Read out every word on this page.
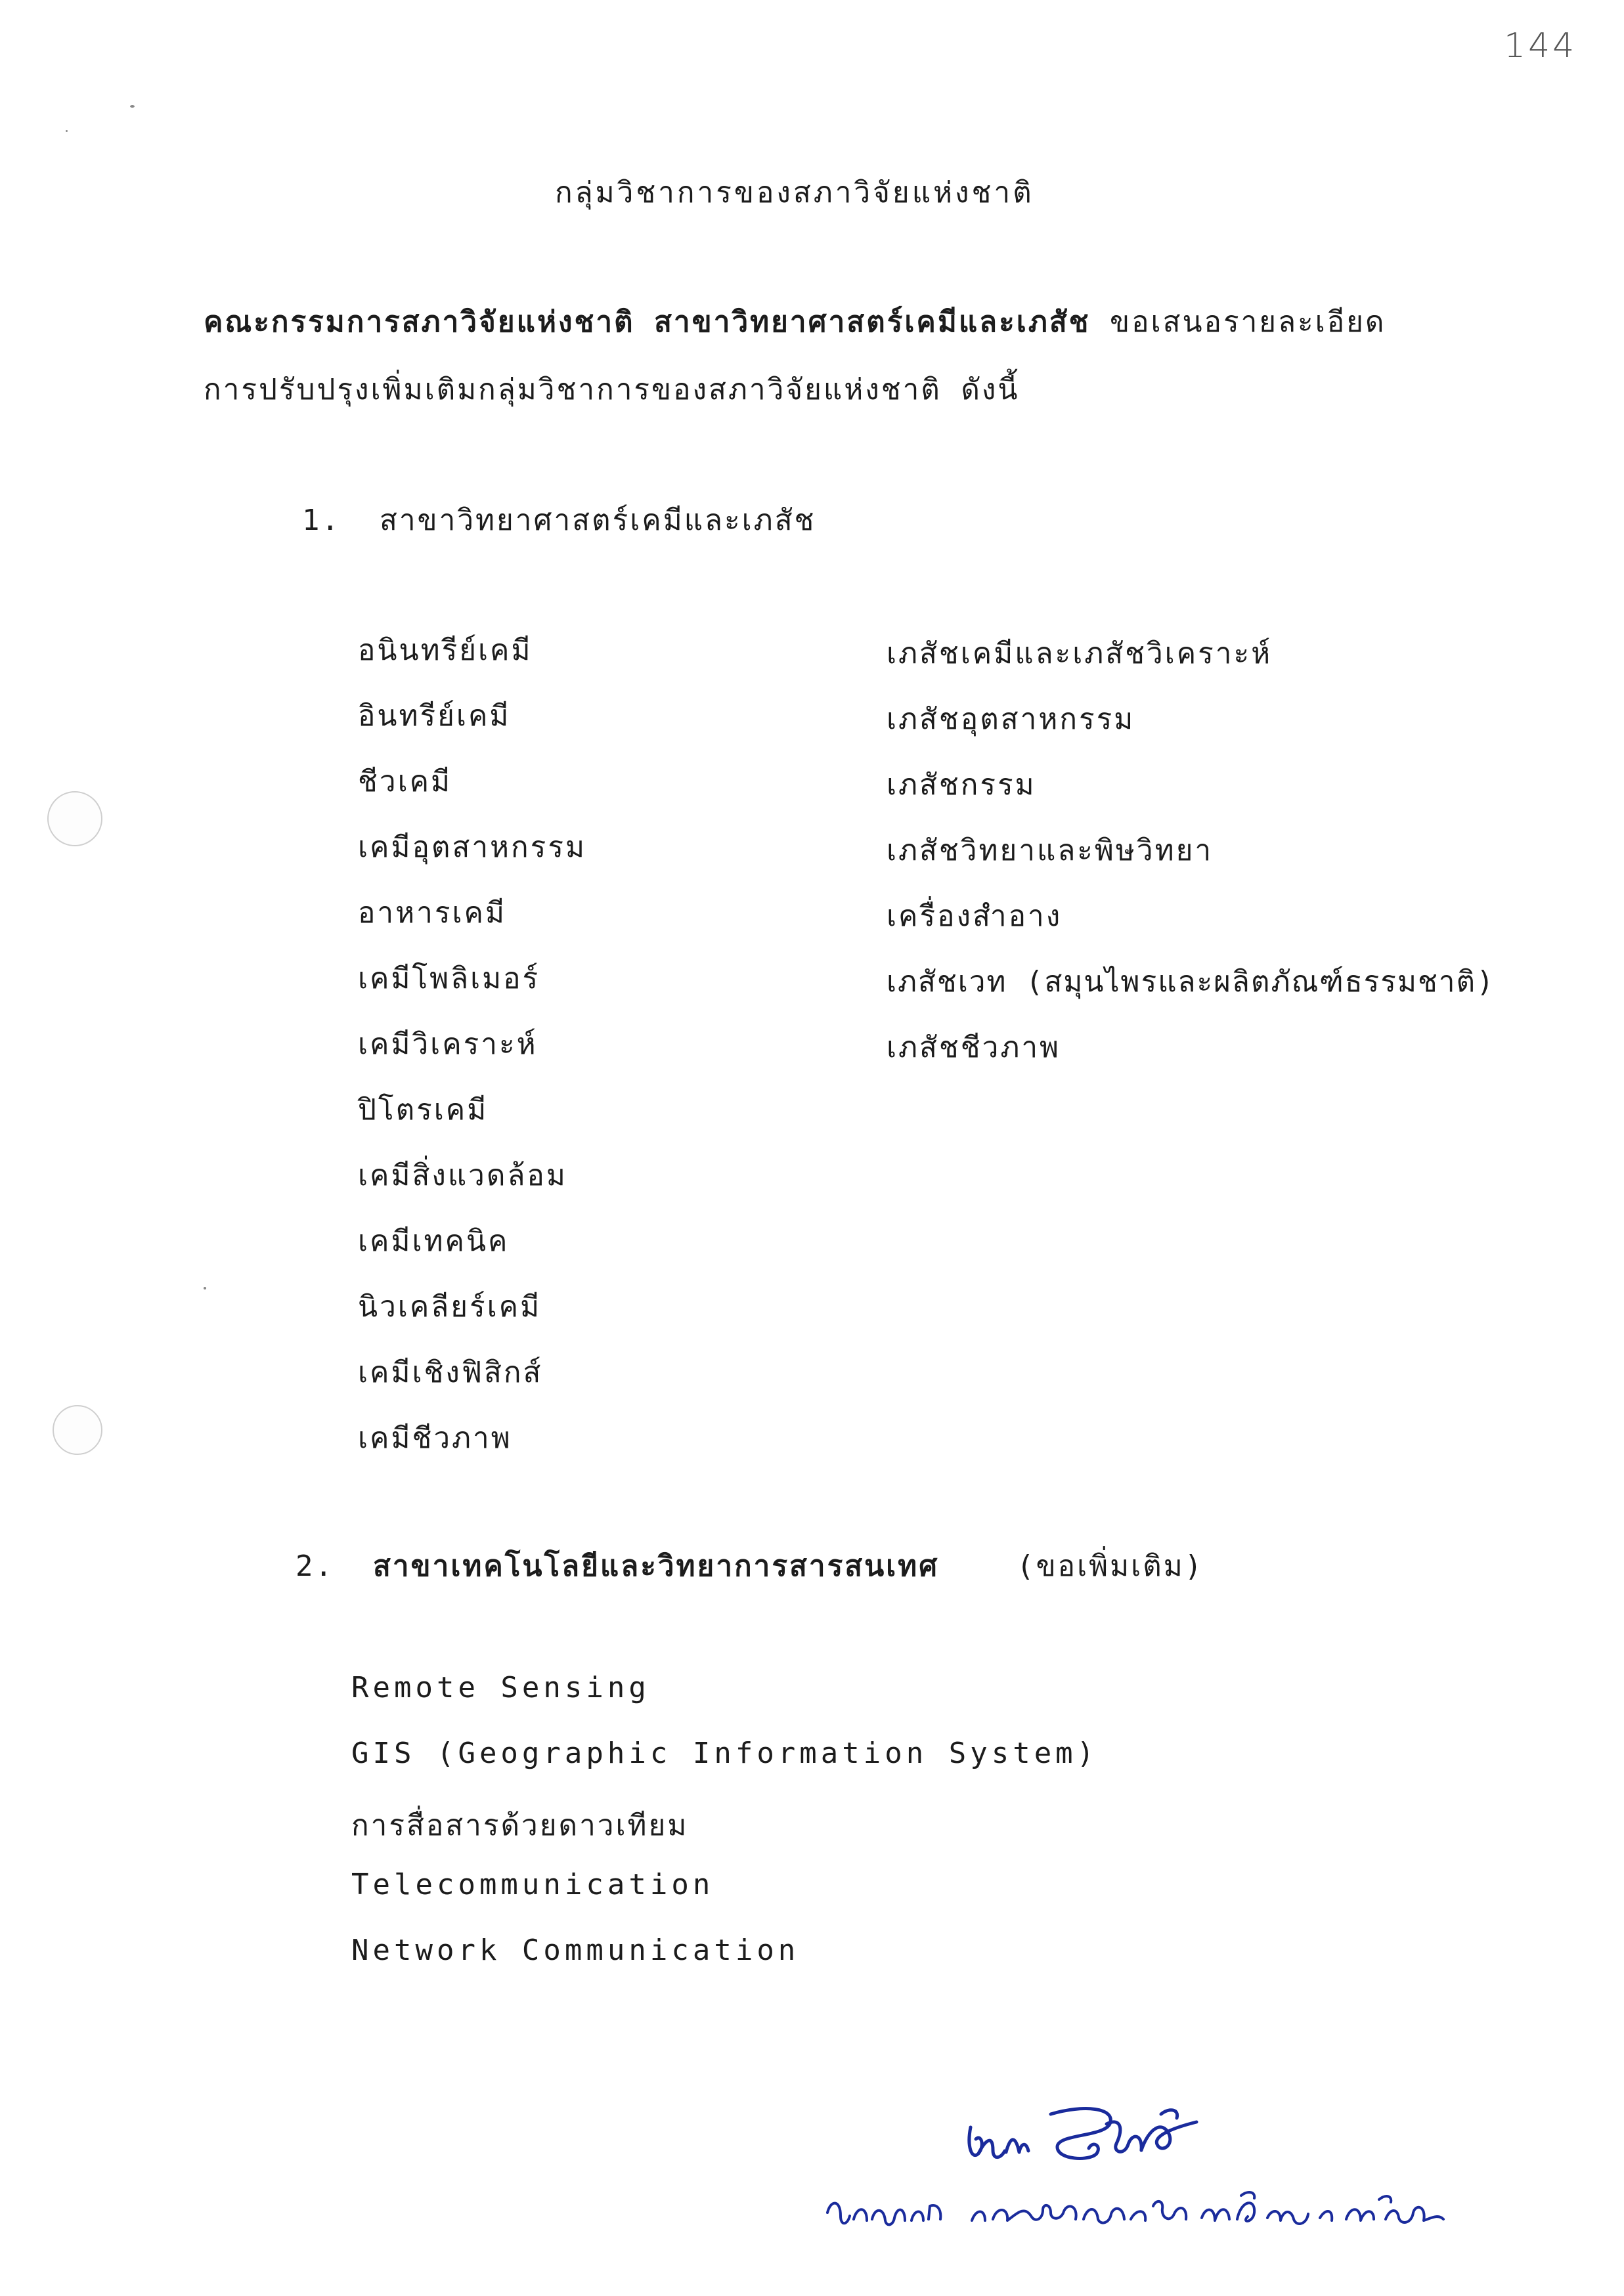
144
กลุ่มวิชาการของสภาวิจัยแห่งชาติ
คณะกรรมการสภาวิจัยแห่งชาติ สาขาวิทยาศาสตร์เคมีและเภสัช ขอเสนอรายละเอียด
การปรับปรุงเพิ่มเติมกลุ่มวิชาการของสภาวิจัยแห่งชาติ ดังนี้
1. สาขาวิทยาศาสตร์เคมีและเภสัช
อนินทรีย์เคมี
อินทรีย์เคมี
ชีวเคมี
เคมีอุตสาหกรรม
อาหารเคมี
เคมีโพลิเมอร์
เคมีวิเคราะห์
ปิโตรเคมี
เคมีสิ่งแวดล้อม
เคมีเทคนิค
นิวเคลียร์เคมี
เคมีเชิงฟิสิกส์
เคมีชีวภาพ
เภสัชเคมีและเภสัชวิเคราะห์
เภสัชอุตสาหกรรม
เภสัชกรรม
เภสัชวิทยาและพิษวิทยา
เครื่องสำอาง
เภสัชเวท (สมุนไพรและผลิตภัณฑ์ธรรมชาติ)
เภสัชชีวภาพ
2. สาขาเทคโนโลยีและวิทยาการสารสนเทศ	(ขอเพิ่มเติม)
Remote Sensing
GIS (Geographic Information System)
การสื่อสารด้วยดาวเทียม
Telecommunication
Network Communication
